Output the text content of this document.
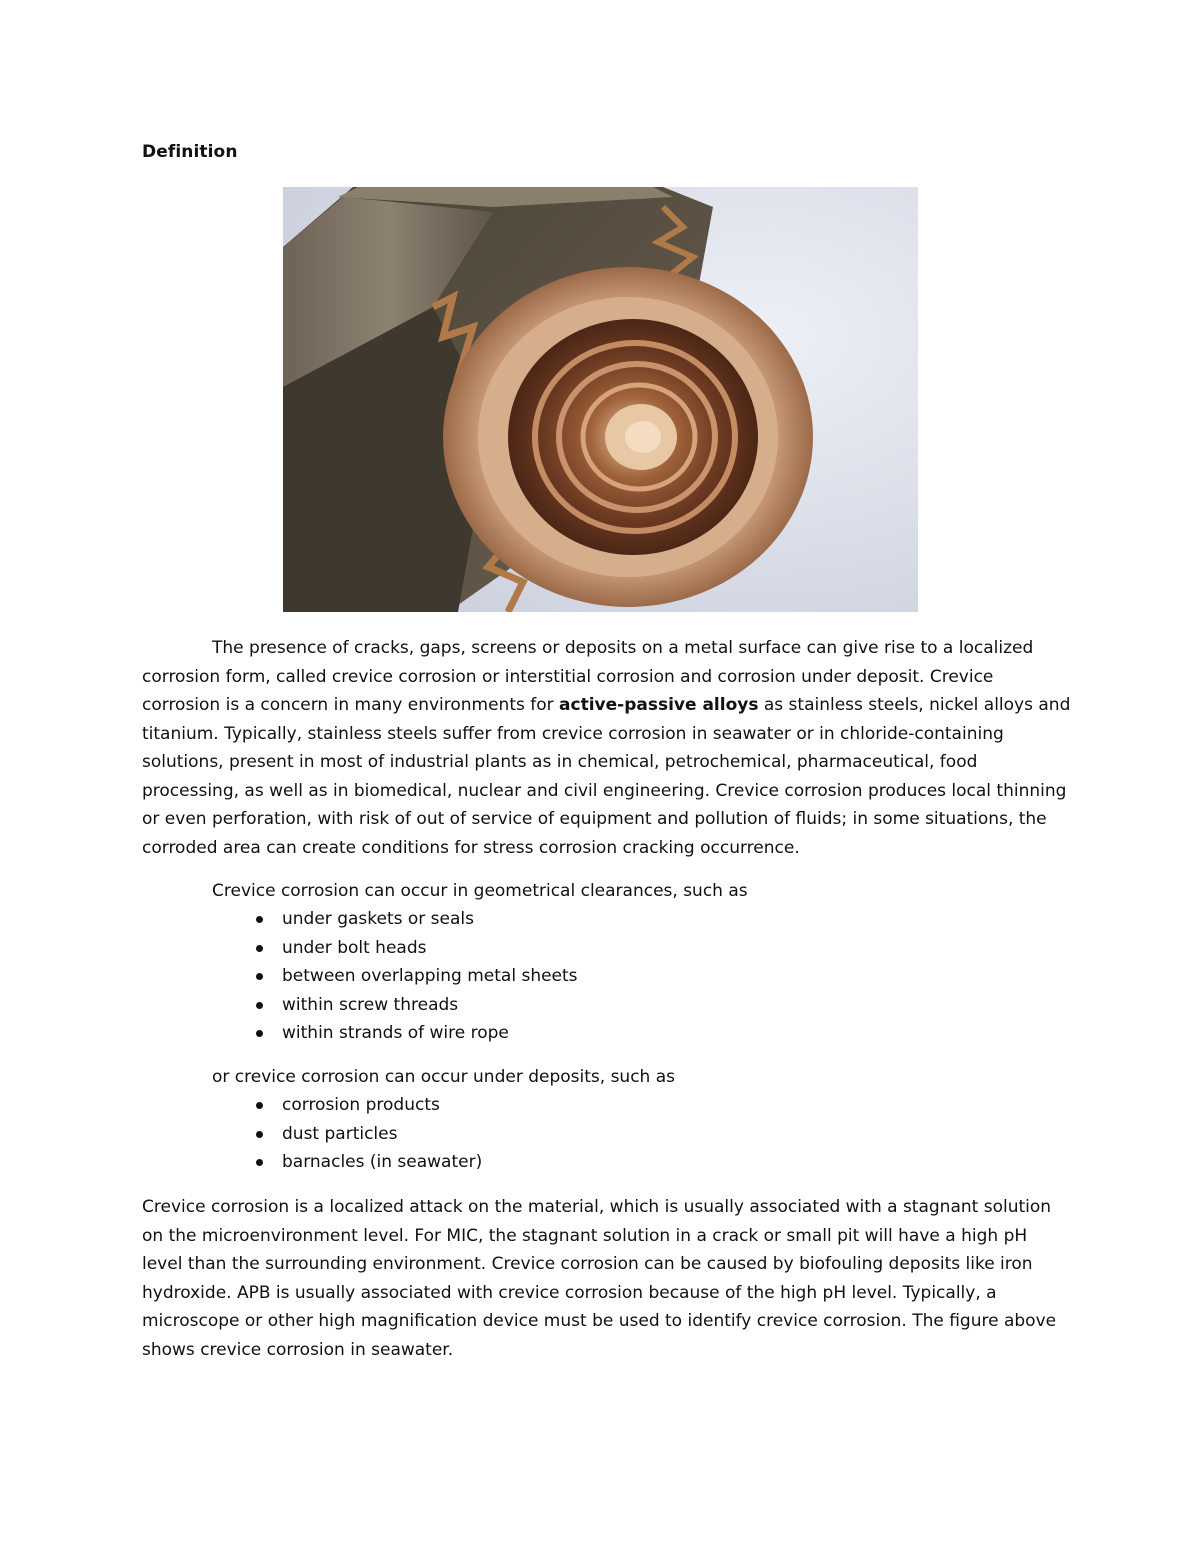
Definition

The presence of cracks, gaps, screens or deposits on a metal surface can give rise to a localized corrosion form, called crevice corrosion or interstitial corrosion and corrosion under deposit. Crevice corrosion is a concern in many environments for active-passive alloys as stainless steels, nickel alloys and titanium. Typically, stainless steels suffer from crevice corrosion in seawater or in chloride-containing solutions, present in most of industrial plants as in chemical, petrochemical, pharmaceutical, food processing, as well as in biomedical, nuclear and civil engineering. Crevice corrosion produces local thinning or even perforation, with risk of out of service of equipment and pollution of fluids; in some situations, the corroded area can create conditions for stress corrosion cracking occurrence.

Crevice corrosion can occur in geometrical clearances, such as

under gaskets or seals
under bolt heads
between overlapping metal sheets
within screw threads
within strands of wire rope

or crevice corrosion can occur under deposits, such as

corrosion products
dust particles
barnacles (in seawater)

Crevice corrosion is a localized attack on the material, which is usually associated with a stagnant solution on the microenvironment level. For MIC, the stagnant solution in a crack or small pit will have a high pH level than the surrounding environment. Crevice corrosion can be caused by biofouling deposits like iron hydroxide. APB is usually associated with crevice corrosion because of the high pH level. Typically, a microscope or other high magnification device must be used to identify crevice corrosion. The figure above shows crevice corrosion in seawater.
